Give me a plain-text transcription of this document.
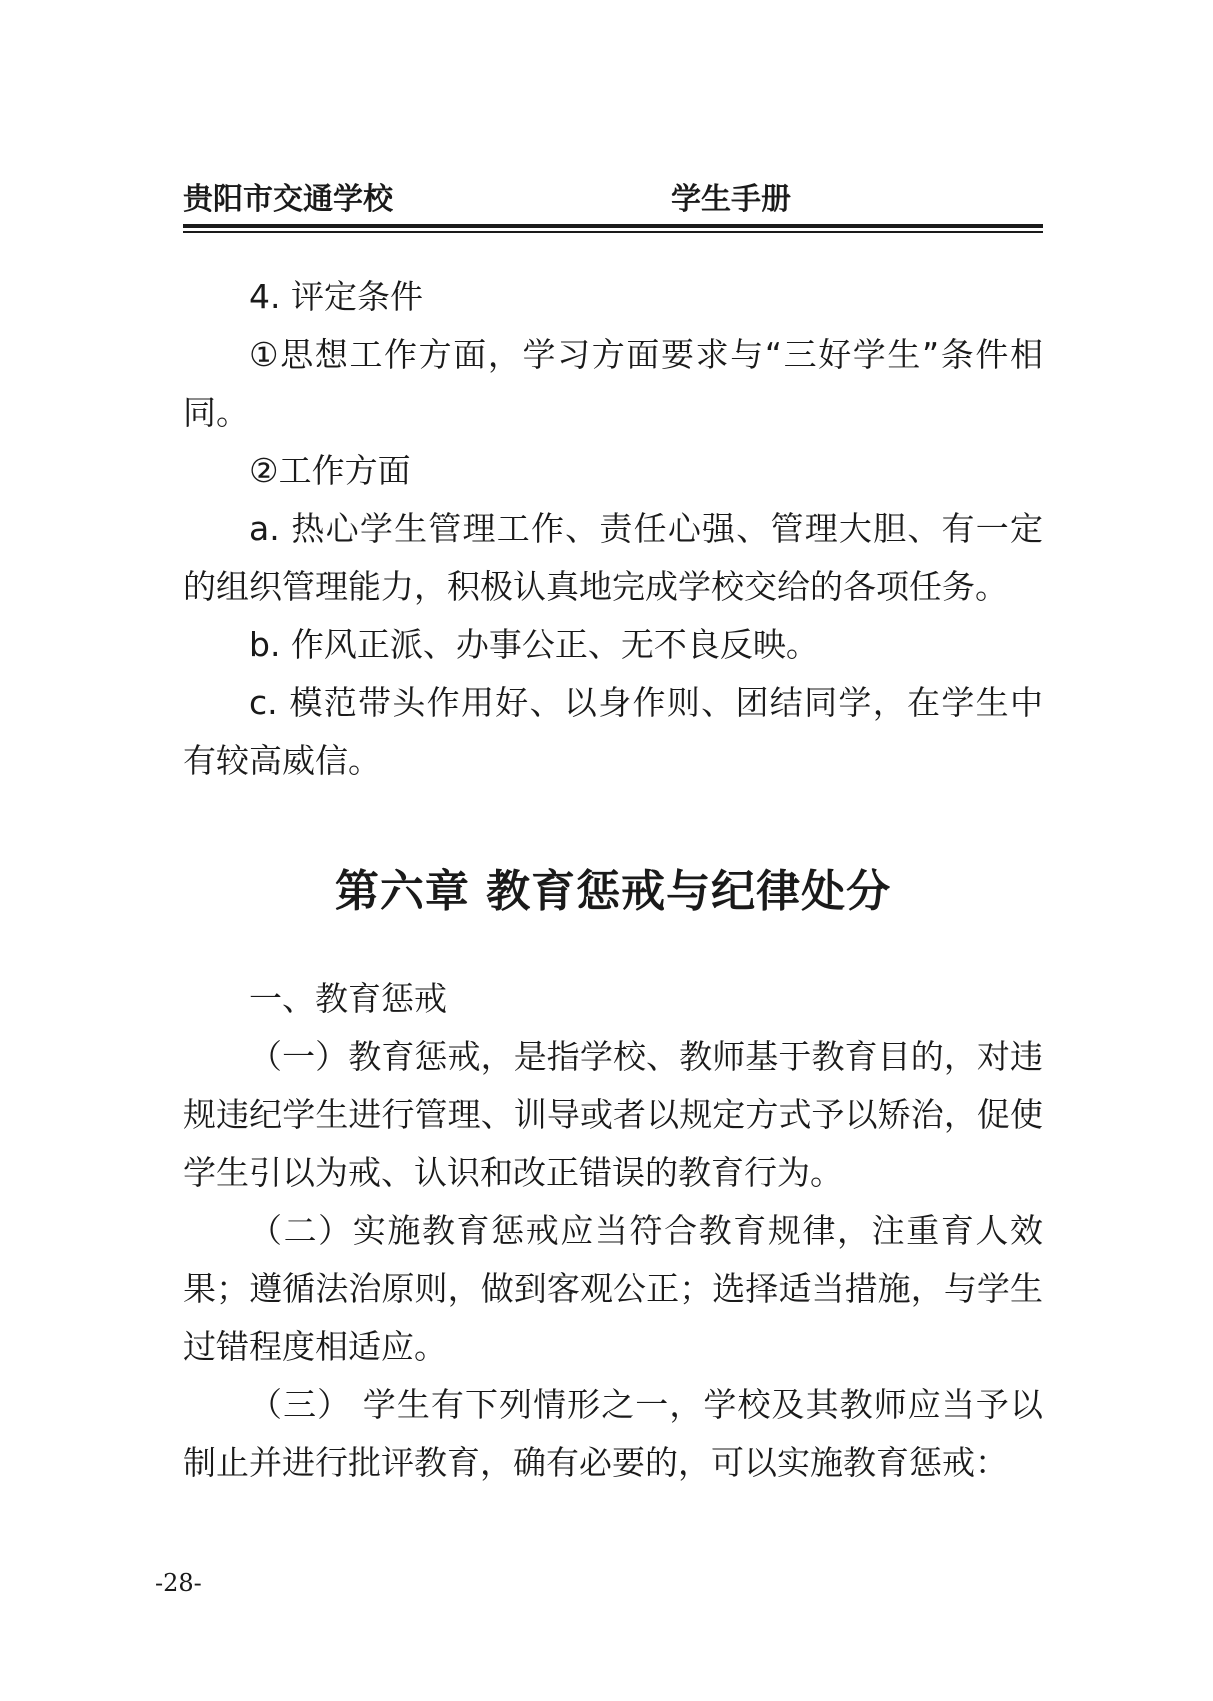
贵阳市交通学校	学生手册
4. 评定条件
①思想工作方面，学习方面要求与“三好学生”条件相同。
②工作方面
a. 热心学生管理工作、责任心强、管理大胆、有一定的组织管理能力，积极认真地完成学校交给的各项任务。
b. 作风正派、办事公正、无不良反映。
c. 模范带头作用好、以身作则、团结同学，在学生中有较高威信。
第六章 教育惩戒与纪律处分
一、教育惩戒
（一）教育惩戒，是指学校、教师基于教育目的，对违规违纪学生进行管理、训导或者以规定方式予以矫治，促使学生引以为戒、认识和改正错误的教育行为。
（二）实施教育惩戒应当符合教育规律，注重育人效果；遵循法治原则，做到客观公正；选择适当措施，与学生过错程度相适应。
（三） 学生有下列情形之一，学校及其教师应当予以制止并进行批评教育，确有必要的，可以实施教育惩戒：
-28-
